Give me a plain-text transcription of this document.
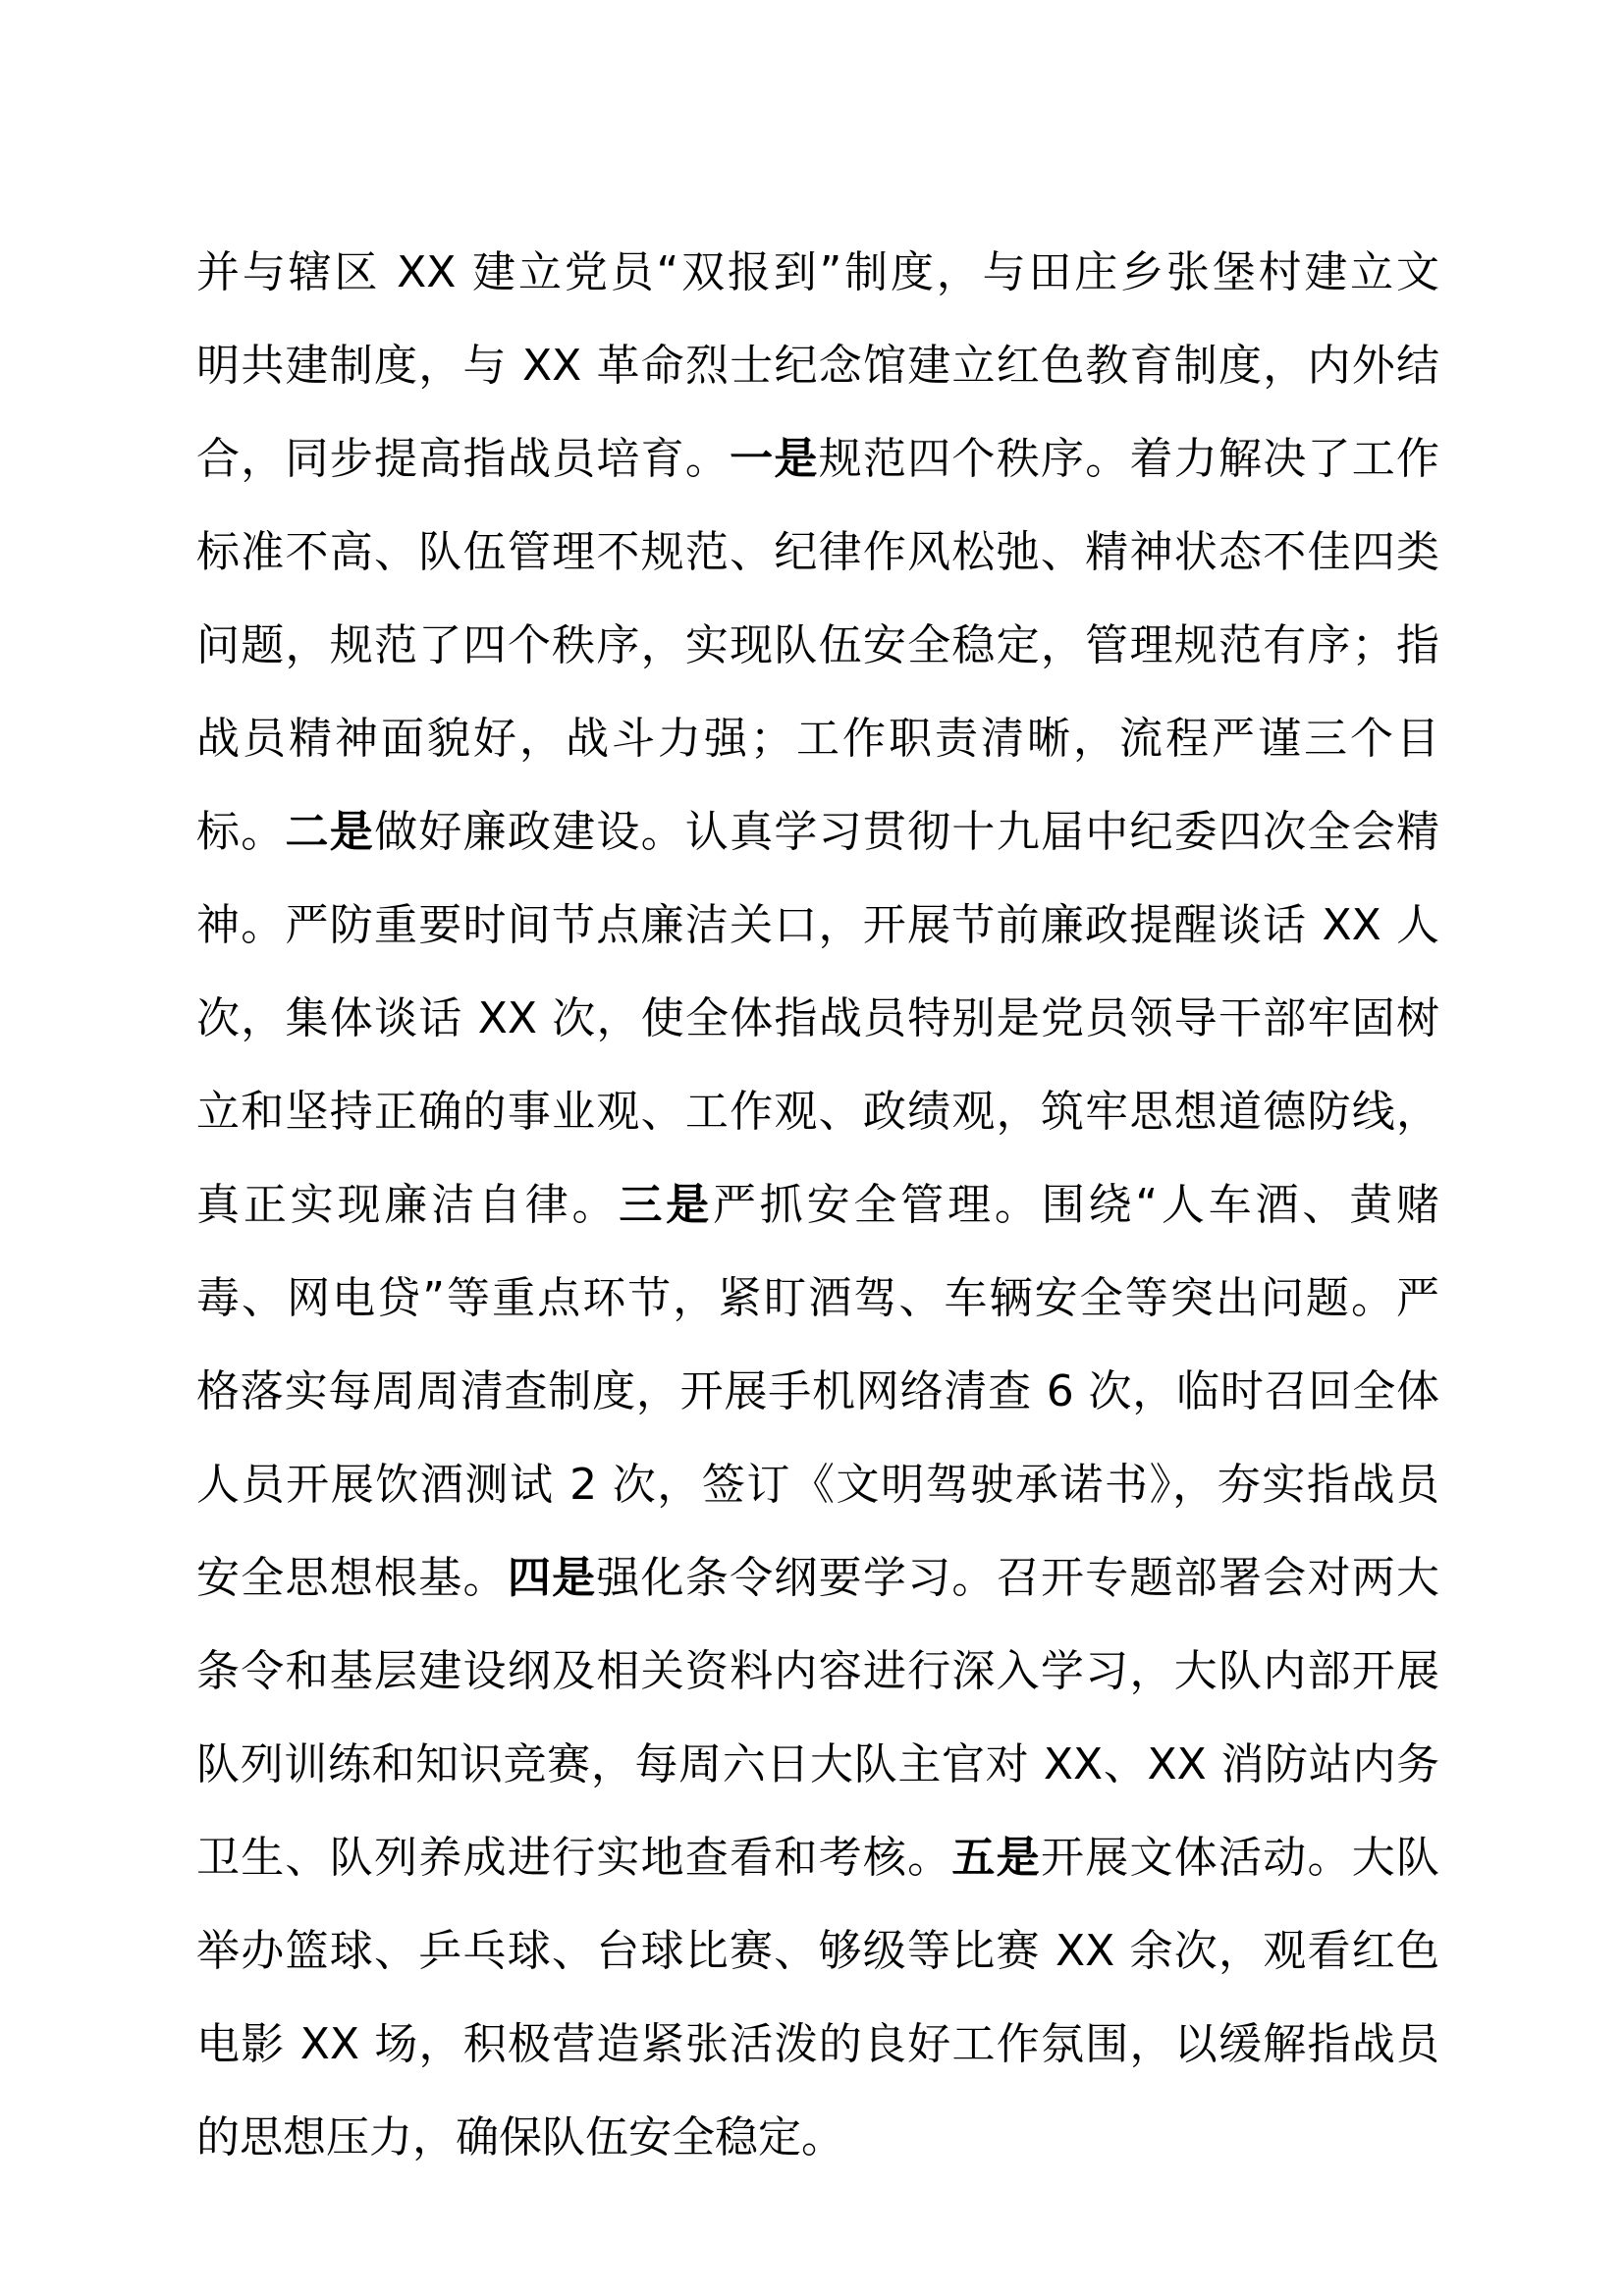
并与辖区 XX 建立党员“双报到”制度，与田庄乡张堡村建立文
明共建制度，与 XX 革命烈士纪念馆建立红色教育制度，内外结
合，同步提高指战员培育。一是规范四个秩序。着力解决了工作
标准不高、队伍管理不规范、纪律作风松弛、精神状态不佳四类
问题，规范了四个秩序，实现队伍安全稳定，管理规范有序；指
战员精神面貌好，战斗力强；工作职责清晰，流程严谨三个目
标。二是做好廉政建设。认真学习贯彻十九届中纪委四次全会精
神。严防重要时间节点廉洁关口，开展节前廉政提醒谈话 XX 人
次，集体谈话 XX 次，使全体指战员特别是党员领导干部牢固树
立和坚持正确的事业观、工作观、政绩观，筑牢思想道德防线，
真正实现廉洁自律。三是严抓安全管理。围绕“人车酒、黄赌
毒、网电贷”等重点环节，紧盯酒驾、车辆安全等突出问题。严
格落实每周周清查制度，开展手机网络清查 6 次，临时召回全体
人员开展饮酒测试 2 次，签订《文明驾驶承诺书》，夯实指战员
安全思想根基。四是强化条令纲要学习。召开专题部署会对两大
条令和基层建设纲及相关资料内容进行深入学习，大队内部开展
队列训练和知识竞赛，每周六日大队主官对 XX、XX 消防站内务
卫生、队列养成进行实地查看和考核。五是开展文体活动。大队
举办篮球、乒乓球、台球比赛、够级等比赛 XX 余次，观看红色
电影 XX 场，积极营造紧张活泼的良好工作氛围，以缓解指战员
的思想压力，确保队伍安全稳定。
